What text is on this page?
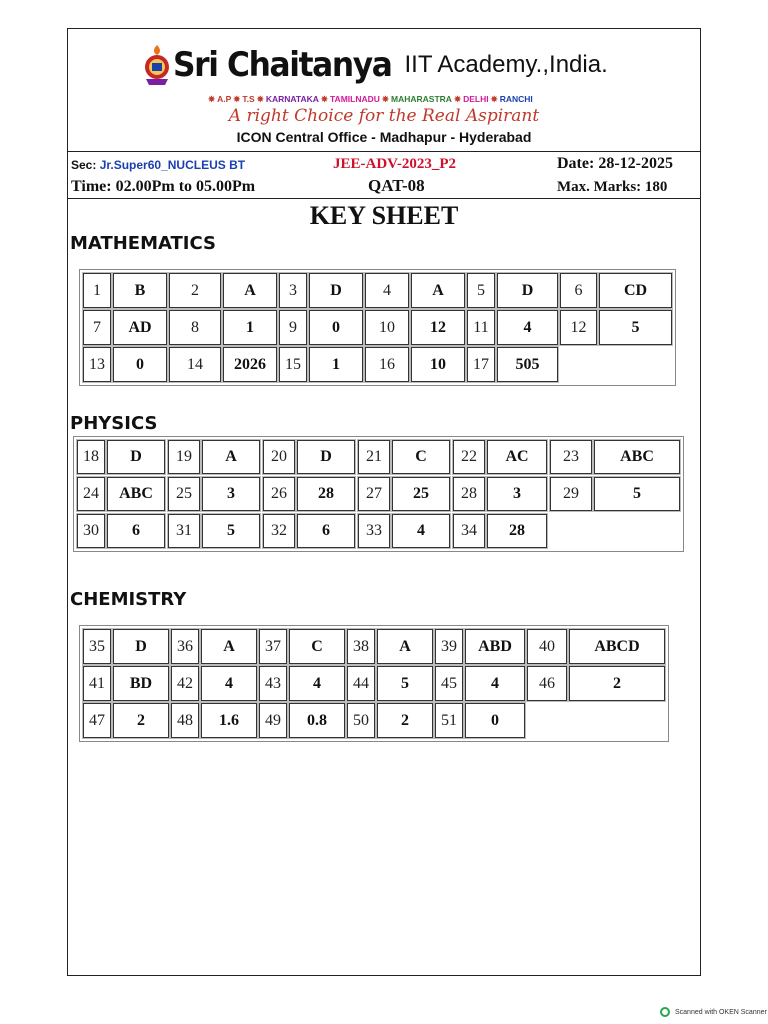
Sri Chaitanya IIT Academy.,India.
✵ A.P ✵ T.S ✵ KARNATAKA ✵ TAMILNADU ✵ MAHARASTRA ✵ DELHI ✵ RANCHI
A right Choice for the Real Aspirant
ICON Central Office - Madhapur - Hyderabad
Sec: Jr.Super60_NUCLEUS BT	JEE-ADV-2023_P2	Date: 28-12-2025
Time: 02.00Pm to 05.00Pm	QAT-08	Max. Marks: 180
KEY SHEET
MATHEMATICS
PHYSICS
CHEMISTRY
Scanned with OKEN Scanner
1	B	2	A	3	D	4	A	5	D	6	CD
7	AD	8	1	9	0	10	12	11	4	12	5
13	0	14	2026	15	1	16	10	17	505
18	D	19	A	20	D	21	C	22	AC	23	ABC
24	ABC	25	3	26	28	27	25	28	3	29	5
30	6	31	5	32	6	33	4	34	28
35	D	36	A	37	C	38	A	39	ABD	40	ABCD
41	BD	42	4	43	4	44	5	45	4	46	2
47	2	48	1.6	49	0.8	50	2	51	0
